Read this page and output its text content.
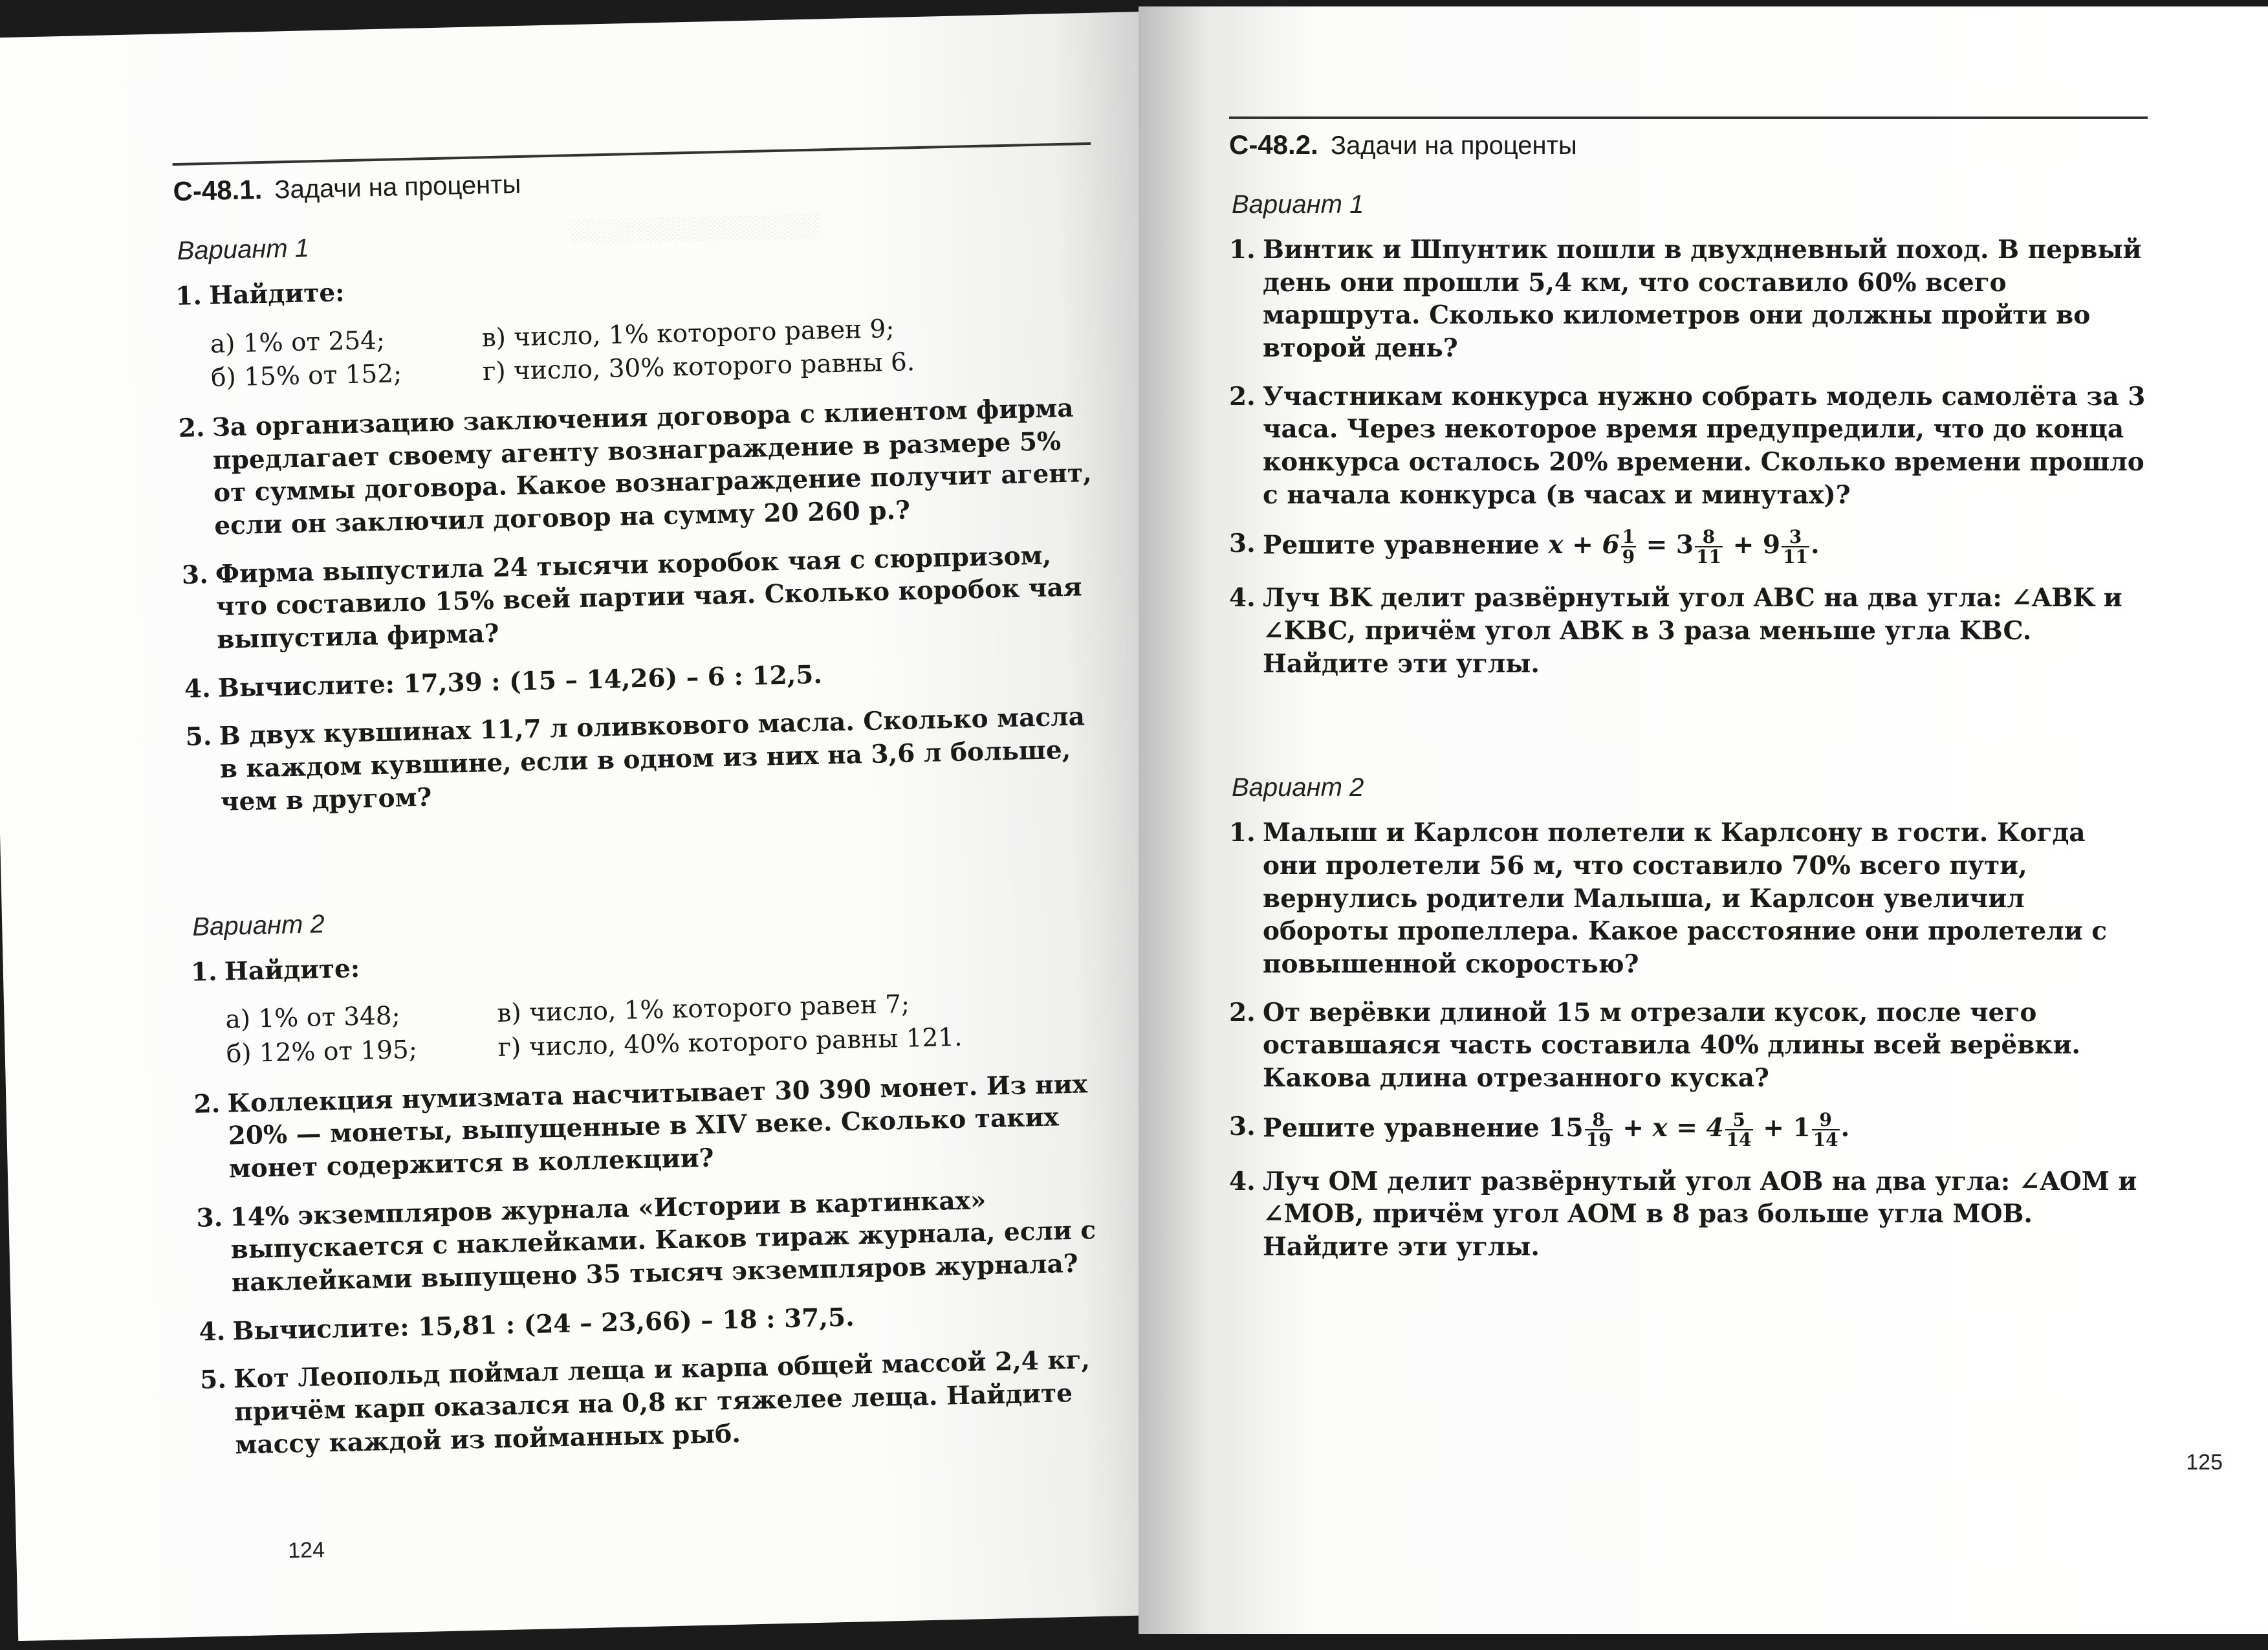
░░░░░░░░░░░░░░░░
С-48.1. Задачи на проценты
Вариант 1
1. Найдите:
а) 1% от 254;	в) число, 1% которого равен 9;
б) 15% от 152;	г) число, 30% которого равны 6.
2. За организацию заключения договора с клиентом фирма предлагает своему агенту вознаграждение в размере 5% от суммы договора. Какое вознаграждение получит агент, если он заключил договор на сумму 20 260 р.?
3. Фирма выпустила 24 тысячи коробок чая с сюрпризом, что составило 15% всей партии чая. Сколько коробок чая выпустила фирма?
4. Вычислите: 17,39 : (15 – 14,26) – 6 : 12,5.
5. В двух кувшинах 11,7 л оливкового масла. Сколько масла в каждом кувшине, если в одном из них на 3,6 л больше, чем в другом?
Вариант 2
1. Найдите:
а) 1% от 348;	в) число, 1% которого равен 7;
б) 12% от 195;	г) число, 40% которого равны 121.
2. Коллекция нумизмата насчитывает 30 390 монет. Из них 20% — монеты, выпущенные в XIV веке. Сколько таких монет содержится в коллекции?
3. 14% экземпляров журнала «Истории в картинках» выпускается с наклейками. Каков тираж журнала, если с наклейками выпущено 35 тысяч экземпляров журнала?
4. Вычислите: 15,81 : (24 – 23,66) – 18 : 37,5.
5. Кот Леопольд поймал леща и карпа общей массой 2,4 кг, причём карп оказался на 0,8 кг тяжелее леща. Найдите массу каждой из пойманных рыб.
124
С-48.2. Задачи на проценты
Вариант 1
1. Винтик и Шпунтик пошли в двухдневный поход. В первый день они прошли 5,4 км, что составило 60% всего маршрута. Сколько километров они должны пройти во второй день?
2. Участникам конкурса нужно собрать модель самолёта за 3 часа. Через некоторое время предупредили, что до конца конкурса осталось 20% времени. Сколько времени прошло с начала конкурса (в часах и минутах)?
3. Решите уравнение $x + 6 \frac{1}{9} = 3 \frac{8}{11} + 9 \frac{3}{11}$ .
4. Луч BK делит развёрнутый угол ABC на два угла: ∠ABK и ∠KBC, причём угол ABK в 3 раза меньше угла KBC. Найдите эти углы.
Вариант 2
1. Малыш и Карлсон полетели к Карлсону в гости. Когда они пролетели 56 м, что составило 70% всего пути, вернулись родители Малыша, и Карлсон увеличил обороты пропеллера. Какое расстояние они пролетели с повышенной скоростью?
2. От верёвки длиной 15 м отрезали кусок, после чего оставшаяся часть составила 40% длины всей верёвки. Какова длина отрезанного куска?
3. Решите уравнение $15 \frac{8}{19} + x = 4 \frac{5}{14} + 1 \frac{9}{14}$ .
4. Луч OM делит развёрнутый угол AOB на два угла: ∠AOM и ∠MOB, причём угол AOM в 8 раз больше угла MOB. Найдите эти углы.
125
